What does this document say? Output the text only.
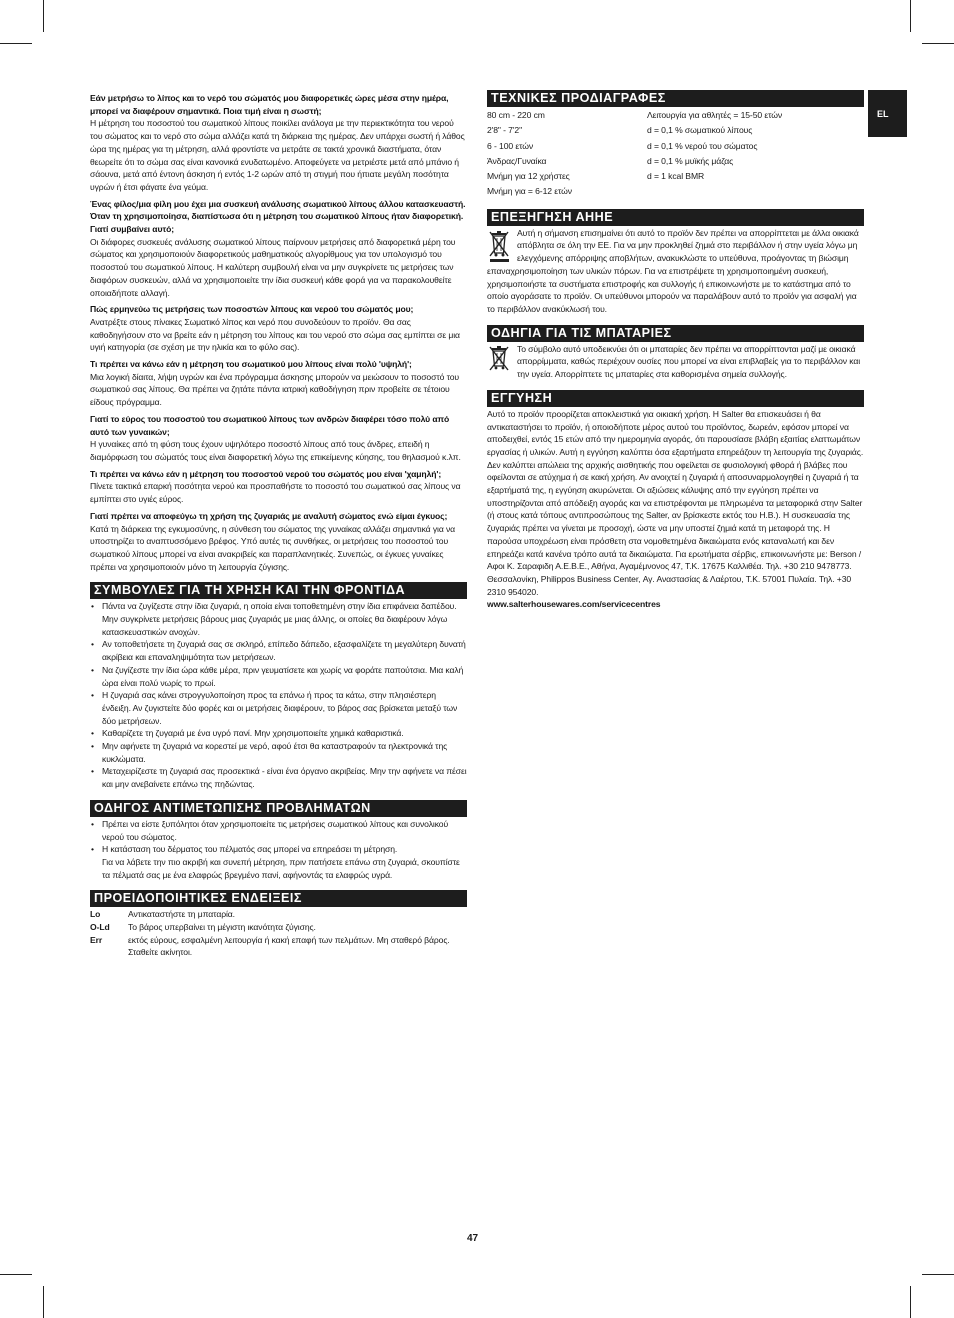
EL
Εάν μετρήσω το λίπος και το νερό του σώματός μου διαφορετικές ώρες μέσα στην ημέρα, μπορεί να διαφέρουν σημαντικά. Ποια τιμή είναι η σωστή;
Η μέτρηση του ποσοστού του σωματικού λίπους ποικίλει ανάλογα με την περιεκτικότητα του νερού του σώματος και το νερό στο σώμα αλλάζει κατά τη διάρκεια της ημέρας. Δεν υπάρχει σωστή ή λάθος ώρα της ημέρας για τη μέτρηση, αλλά φροντίστε να μετράτε σε τακτά χρονικά διαστήματα, όταν θεωρείτε ότι το σώμα σας είναι κανονικά ενυδατωμένο. Αποφεύγετε να μετριέστε μετά από μπάνιο ή σάουνα, μετά από έντονη άσκηση ή εντός 1-2 ωρών από τη στιγμή που ήπιατε μεγάλη ποσότητα υγρών ή έτσι φάγατε ένα γεύμα.
Ένας φίλος/μια φίλη μου έχει μια συσκευή ανάλυσης σωματικού λίπους άλλου κατασκευαστή. Όταν τη χρησιμοποίησα, διαπίστωσα ότι η μέτρηση του σωματικού λίπους ήταν διαφορετική. Γιατί συμβαίνει αυτό;
Οι διάφορες συσκευές ανάλυσης σωματικού λίπους παίρνουν μετρήσεις από διαφορετικά μέρη του σώματος και χρησιμοποιούν διαφορετικούς μαθηματικούς αλγορίθμους για τον υπολογισμό του ποσοστού του σωματικού λίπους. Η καλύτερη συμβουλή είναι να μην συγκρίνετε τις μετρήσεις των διαφόρων συσκευών, αλλά να χρησιμοποιείτε την ίδια συσκευή κάθε φορά για να παρακολουθείτε οποιαδήποτε αλλαγή.
Πώς ερμηνεύω τις μετρήσεις των ποσοστών λίπους και νερού του σώματός μου;
Ανατρέξτε στους πίνακες Σωματικό λίπος και νερό που συνοδεύουν το προϊόν. Θα σας καθοδηγήσουν στο να βρείτε εάν η μέτρηση του λίπους και του νερού στο σώμα σας εμπίπτει σε μια υγιή κατηγορία (σε σχέση με την ηλικία και το φύλο σας).
Τι πρέπει να κάνω εάν η μέτρηση του σωματικού μου λίπους είναι πολύ 'υψηλή';
Μια λογική δίαιτα, λήψη υγρών και ένα πρόγραμμα άσκησης μπορούν να μειώσουν το ποσοστό του σωματικού σας λίπους. Θα πρέπει να ζητάτε πάντα ιατρική καθοδήγηση πριν προβείτε σε τέτοιου είδους πρόγραμμα.
Γιατί το εύρος του ποσοστού του σωματικού λίπους των ανδρών διαφέρει τόσο πολύ από αυτό των γυναικών;
Η γυναίκες από τη φύση τους έχουν υψηλότερο ποσοστό λίπους από τους άνδρες, επειδή η διαμόρφωση του σώματός τους είναι διαφορετική λόγω της επικείμενης κύησης, του θηλασμού κ.λπ.
Τι πρέπει να κάνω εάν η μέτρηση του ποσοστού νερού του σώματός μου είναι 'χαμηλή';
Πίνετε τακτικά επαρκή ποσότητα νερού και προσπαθήστε το ποσοστό του σωματικού σας λίπους να εμπίπτει στο υγιές εύρος.
Γιατί πρέπει να αποφεύγω τη χρήση της ζυγαριάς με αναλυτή σώματος ενώ είμαι έγκυος;
Κατά τη διάρκεια της εγκυμοσύνης, η σύνθεση του σώματος της γυναίκας αλλάζει σημαντικά για να υποστηρίζει το αναπτυσσόμενο βρέφος. Υπό αυτές τις συνθήκες, οι μετρήσεις του ποσοστού του σωματικού λίπους μπορεί να είναι ανακριβείς και παραπλανητικές. Συνεπώς, οι έγκυες γυναίκες πρέπει να χρησιμοποιούν μόνο τη λειτουργία ζύγισης.
ΣΥΜΒΟΥΛΕΣ ΓΙΑ ΤΗ ΧΡΗΣΗ ΚΑΙ ΤΗΝ ΦΡΟΝΤΙΔΑ
• Πάντα να ζυγίζεστε στην ίδια ζυγαριά, η οποία είναι τοποθετημένη στην ίδια επιφάνεια δαπέδου.
Μην συγκρίνετε μετρήσεις βάρους μιας ζυγαριάς με μιας άλλης, οι οποίες θα διαφέρουν λόγω κατασκευαστικών ανοχών.
• Αν τοποθετήσετε τη ζυγαριά σας σε σκληρό, επίπεδο δάπεδο, εξασφαλίζετε τη μεγαλύτερη δυνατή ακρίβεια και επαναληψιμότητα των μετρήσεων.
• Να ζυγίζεστε την ίδια ώρα κάθε μέρα, πριν γευματίσετε και χωρίς να φοράτε παπούτσια. Μια καλή ώρα είναι πολύ νωρίς το πρωί.
• Η ζυγαριά σας κάνει στρογγυλοποίηση προς τα επάνω ή προς τα κάτω, στην πλησιέστερη ένδειξη. Αν ζυγιστείτε δύο φορές και οι μετρήσεις διαφέρουν, το βάρος σας βρίσκεται μεταξύ των δύο μετρήσεων.
• Καθαρίζετε τη ζυγαριά με ένα υγρό πανί. Μην χρησιμοποιείτε χημικά καθαριστικά.
• Μην αφήνετε τη ζυγαριά να κορεστεί με νερό, αφού έτσι θα καταστραφούν τα ηλεκτρονικά της κυκλώματα.
• Μεταχειρίζεστε τη ζυγαριά σας προσεκτικά - είναι ένα όργανο ακριβείας. Μην την αφήνετε να πέσει και μην ανεβαίνετε επάνω της πηδώντας.
ΟΔΗΓΟΣ ΑΝΤΙΜΕΤΩΠΙΣΗΣ ΠΡΟΒΛΗΜΑΤΩΝ
• Πρέπει να είστε ξυπόλητοι όταν χρησιμοποιείτε τις μετρήσεις σωματικού λίπους και συνολικού νερού του σώματος.
• Η κατάσταση του δέρματος του πέλματός σας μπορεί να επηρεάσει τη μέτρηση.
Για να λάβετε την πιο ακριβή και συνεπή μέτρηση, πριν πατήσετε επάνω στη ζυγαριά, σκουπίστε τα πέλματά σας με ένα ελαφρώς βρεγμένο πανί, αφήνοντάς τα ελαφρώς υγρά.
ΠΡΟΕΙΔΟΠΟΙΗΤΙΚΕΣ ΕΝΔΕΙΞΕΙΣ
Lo	Αντικαταστήστε τη μπαταρία.
O-Ld	Το βάρος υπερβαίνει τη μέγιστη ικανότητα ζύγισης.
Err	εκτός εύρους, εσφαλμένη λειτουργία ή κακή επαφή των πελμάτων. Μη σταθερό βάρος. Σταθείτε ακίνητοι.
ΤΕΧΝΙΚΕΣ ΠΡΟΔΙΑΓΡΑΦΕΣ
80 cm - 220 cm	Λειτουργία για αθλητές = 15-50 ετών
2'8" - 7'2"	d = 0,1 % σωματικού λίπους
6 - 100 ετών	d = 0,1 % νερού του σώματος
Άνδρας/Γυναίκα	d = 0,1 % μυϊκής μάζας
Μνήμη για 12 χρήστες	d = 1 kcal BMR
Μνήμη για = 6-12 ετών	
ΕΠΕΞΗΓΗΣΗ ΑΗΗΕ
Αυτή η σήμανση επισημαίνει ότι αυτό το προϊόν δεν πρέπει να απορρίπτεται με άλλα οικιακά απόβλητα σε όλη την ΕΕ. Για να μην προκληθεί ζημιά στο περιβάλλον ή στην υγεία λόγω μη ελεγχόμενης απόρριψης αποβλήτων, ανακυκλώστε το υπεύθυνα, προάγοντας τη βιώσιμη επαναχρησιμοποίηση των υλικών πόρων. Για να επιστρέψετε τη χρησιμοποιημένη συσκευή, χρησιμοποιήστε τα συστήματα επιστροφής και συλλογής ή επικοινωνήστε με το κατάστημα από το οποίο αγοράσατε το προϊόν. Οι υπεύθυνοι μπορούν να παραλάβουν αυτό το προϊόν για ασφαλή για το περιβάλλον ανακύκλωσή του.
ΟΔΗΓΙΑ ΓΙΑ ΤΙΣ ΜΠΑΤΑΡΙΕΣ
Το σύμβολο αυτό υποδεικνύει ότι οι μπαταρίες δεν πρέπει να απορρίπτονται μαζί με οικιακά απορρίμματα, καθώς περιέχουν ουσίες που μπορεί να είναι επιβλαβείς για το περιβάλλον και την υγεία. Απορρίπτετε τις μπαταρίες στα καθορισμένα σημεία συλλογής.
ΕΓΓΥΗΣΗ
Αυτό το προϊόν προορίζεται αποκλειστικά για οικιακή χρήση. Η Salter θα επισκευάσει ή θα αντικαταστήσει το προϊόν, ή οποιοδήποτε μέρος αυτού του προϊόντος, δωρεάν, εφόσον μπορεί να αποδειχθεί, εντός 15 ετών από την ημερομηνία αγοράς, ότι παρουσίασε βλάβη εξαιτίας ελαττωμάτων εργασίας ή υλικών. Αυτή η εγγύηση καλύπτει όσα εξαρτήματα επηρεάζουν τη λειτουργία της ζυγαριάς. Δεν καλύπτει απώλεια της αρχικής αισθητικής που οφείλεται σε φυσιολογική φθορά ή βλάβες που οφείλονται σε ατύχημα ή σε κακή χρήση. Αν ανοιχτεί η ζυγαριά ή αποσυναρμολογηθεί η ζυγαριά ή τα εξαρτήματά της, η εγγύηση ακυρώνεται. Οι αξιώσεις κάλυψης από την εγγύηση πρέπει να υποστηρίζονται από απόδειξη αγοράς και να επιστρέφονται με πληρωμένα τα μεταφορικά στην Salter (ή στους κατά τόπους αντιπροσώπους της Salter, αν βρίσκεστε εκτός του Η.Β.). Η συσκευασία της ζυγαριάς πρέπει να γίνεται με προσοχή, ώστε να μην υποστεί ζημιά κατά τη μεταφορά της. Η παρούσα υποχρέωση είναι πρόσθετη στα νομοθετημένα δικαιώματα ενός καταναλωτή και δεν επηρεάζει κατά κανένα τρόπο αυτά τα δικαιώματα. Για ερωτήματα σέρβις, επικοινωνήστε με: Berson / Αφοι Κ. Σαραφιδη Α.Ε.Β.Ε., Αθήνα, Αγαμέμνονος 47, Τ.Κ. 17675 Καλλιθέα. Τηλ. +30 210 9478773. Θεσσαλονίκη, Philippos Business Center, Αγ. Αναστασίας & Λαέρτου, Τ.Κ. 57001 Πυλαία. Τηλ. +30 2310 954020.
www.salterhousewares.com/servicecentres
47
